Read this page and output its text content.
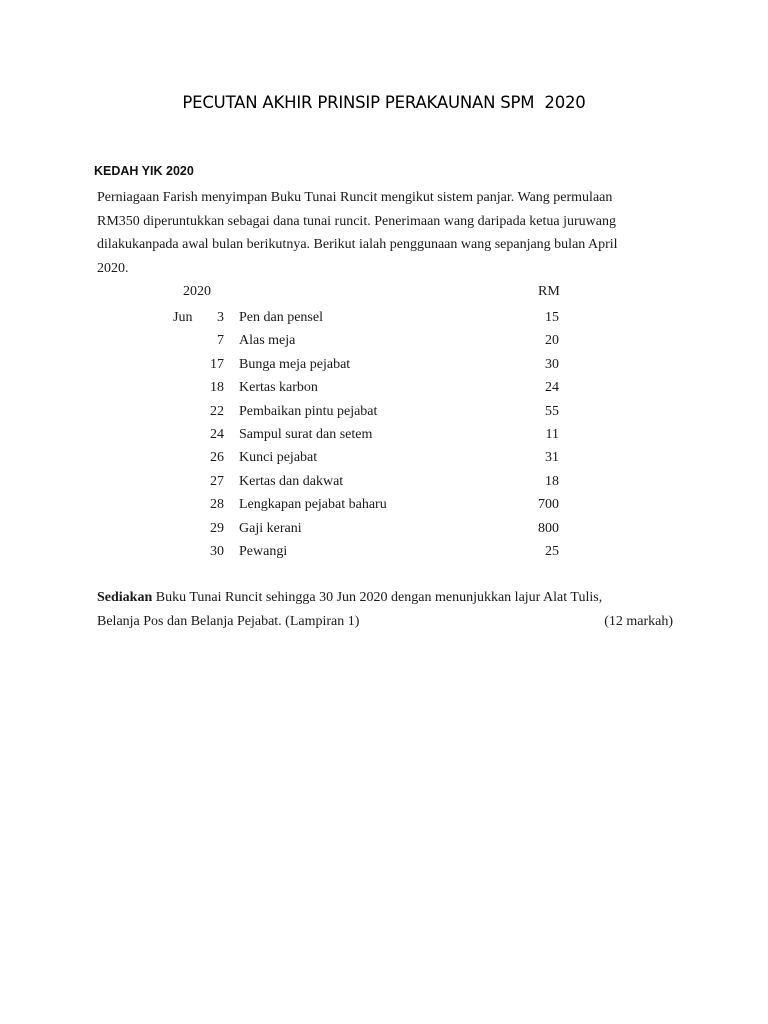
PECUTAN AKHIR PRINSIP PERAKAUNAN SPM  2020
KEDAH YIK 2020
Perniagaan Farish menyimpan Buku Tunai Runcit mengikut sistem panjar. Wang permulaan
RM350 diperuntukkan sebagai dana tunai runcit. Penerimaan wang daripada ketua juruwang
dilakukanpada awal bulan berikutnya. Berikut ialah penggunaan wang sepanjang bulan April
2020.
2020	RM
Jun	3 Pen dan pensel	15
7 Alas meja	20
17 Bunga meja pejabat	30
18 Kertas karbon	24
22 Pembaikan pintu pejabat	55
24 Sampul surat dan setem	11
26 Kunci pejabat	31
27 Kertas dan dakwat	18
28 Lengkapan pejabat baharu	700
29 Gaji kerani	800
30 Pewangi	25
Sediakan Buku Tunai Runcit sehingga 30 Jun 2020 dengan menunjukkan lajur Alat Tulis,
Belanja Pos dan Belanja Pejabat. (Lampiran 1)	(12 markah)
